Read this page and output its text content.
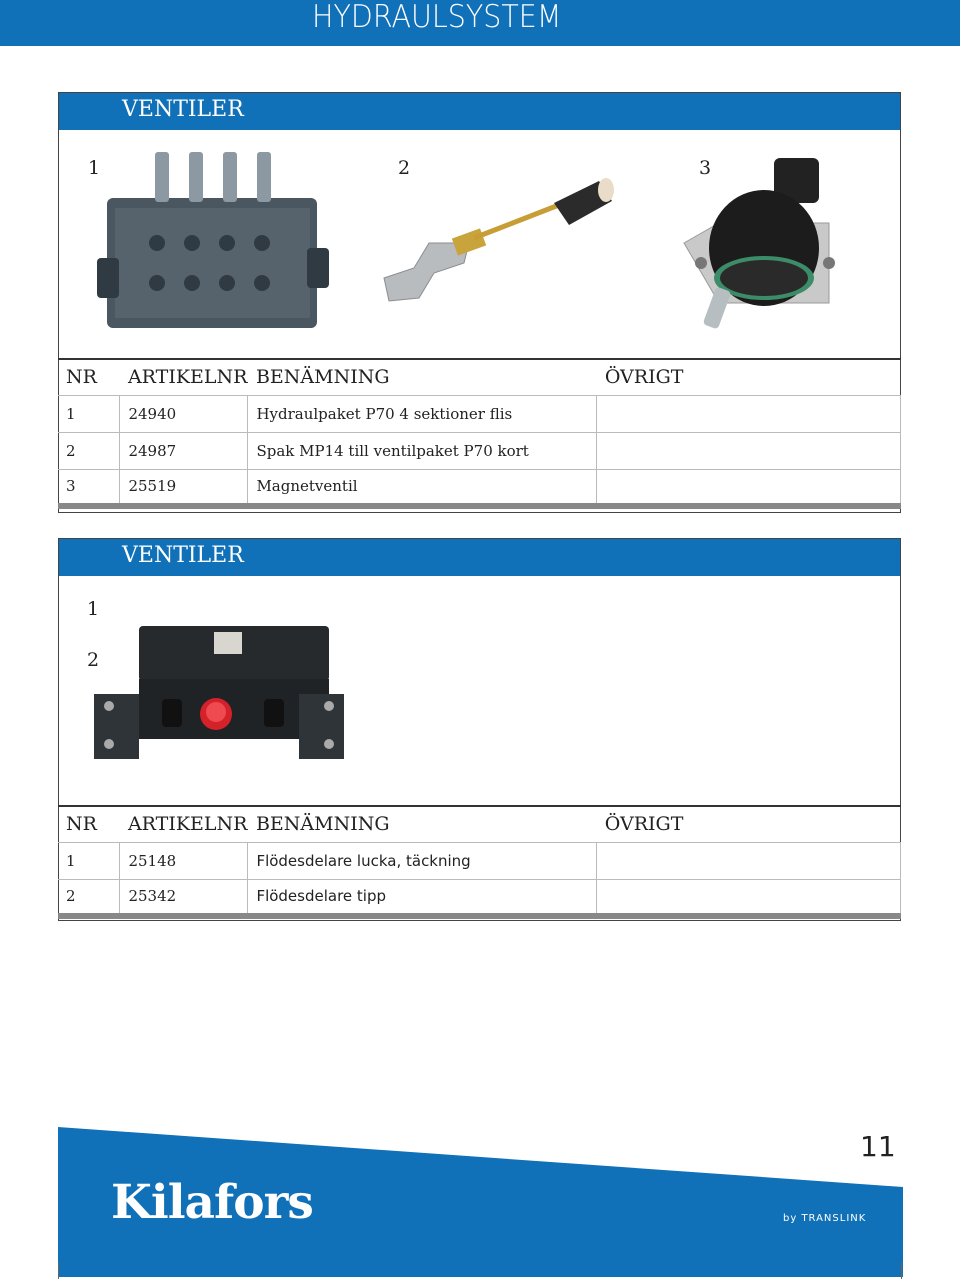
HYDRAULSYSTEM
VENTILER
1	2	3
NR	ARTIKELNR	BENÄMNING	ÖVRIGT
1	24940	Hydraulpaket P70 4 sektioner flis	
2	24987	Spak MP14 till ventilpaket P70 kort	
3	25519	Magnetventil	
VENTILER
1
2
NR	ARTIKELNR	BENÄMNING	ÖVRIGT
1	25148	Flödesdelare lucka, täckning	
2	25342	Flödesdelare tipp	
11
Kilafors	by TRANSLINK
